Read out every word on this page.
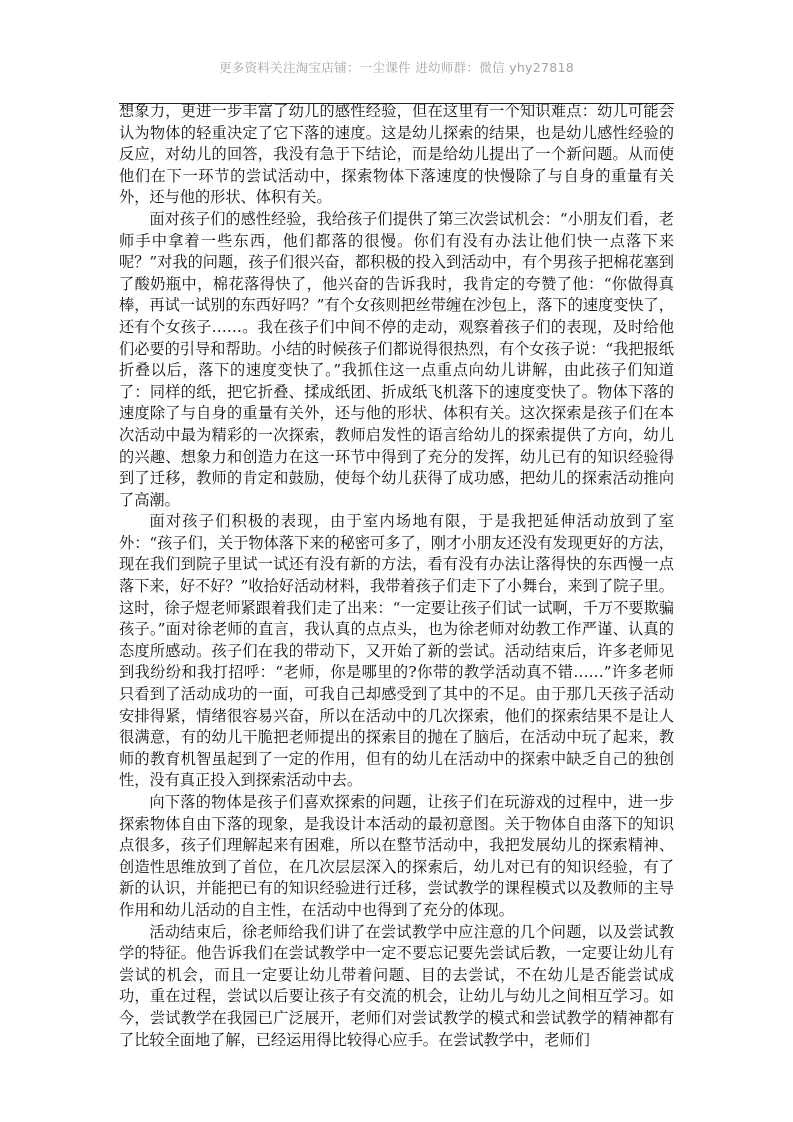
更多资料关注淘宝店铺：一尘课件 进幼师群：微信 yhy27818

想象力，更进一步丰富了幼儿的感性经验，但在这里有一个知识难点：幼儿可能会认为物体的轻重决定了它下落的速度。这是幼儿探索的结果，也是幼儿感性经验的反应，对幼儿的回答，我没有急于下结论，而是给幼儿提出了一个新问题。从而使他们在下一环节的尝试活动中，探索物体下落速度的快慢除了与自身的重量有关外，还与他的形状、体积有关。

面对孩子们的感性经验，我给孩子们提供了第三次尝试机会：“小朋友们看，老师手中拿着一些东西，他们都落的很慢。你们有没有办法让他们快一点落下来呢？”对我的问题，孩子们很兴奋，都积极的投入到活动中，有个男孩子把棉花塞到了酸奶瓶中，棉花落得快了，他兴奋的告诉我时，我肯定的夸赞了他：“你做得真棒，再试一试别的东西好吗？”有个女孩则把丝带缠在沙包上，落下的速度变快了，还有个女孩子……。我在孩子们中间不停的走动，观察着孩子们的表现，及时给他们必要的引导和帮助。小结的时候孩子们都说得很热烈，有个女孩子说：“我把报纸折叠以后，落下的速度变快了。”我抓住这一点重点向幼儿讲解，由此孩子们知道了：同样的纸，把它折叠、揉成纸团、折成纸飞机落下的速度变快了。物体下落的速度除了与自身的重量有关外，还与他的形状、体积有关。这次探索是孩子们在本次活动中最为精彩的一次探索，教师启发性的语言给幼儿的探索提供了方向，幼儿的兴趣、想象力和创造力在这一环节中得到了充分的发挥，幼儿已有的知识经验得到了迁移，教师的肯定和鼓励，使每个幼儿获得了成功感，把幼儿的探索活动推向了高潮。

面对孩子们积极的表现，由于室内场地有限，于是我把延伸活动放到了室外：“孩子们，关于物体落下来的秘密可多了，刚才小朋友还没有发现更好的方法，现在我们到院子里试一试还有没有新的方法，看有没有办法让落得快的东西慢一点落下来，好不好？”收拾好活动材料，我带着孩子们走下了小舞台，来到了院子里。这时，徐子煜老师紧跟着我们走了出来：“一定要让孩子们试一试啊，千万不要欺骗孩子。”面对徐老师的直言，我认真的点点头，也为徐老师对幼教工作严谨、认真的态度所感动。孩子们在我的带动下，又开始了新的尝试。活动结束后，许多老师见到我纷纷和我打招呼：“老师，你是哪里的?你带的教学活动真不错……”许多老师只看到了活动成功的一面，可我自己却感受到了其中的不足。由于那几天孩子活动安排得紧，情绪很容易兴奋，所以在活动中的几次探索，他们的探索结果不是让人很满意，有的幼儿干脆把老师提出的探索目的抛在了脑后，在活动中玩了起来，教师的教育机智虽起到了一定的作用，但有的幼儿在活动中的探索中缺乏自己的独创性，没有真正投入到探索活动中去。

向下落的物体是孩子们喜欢探索的问题，让孩子们在玩游戏的过程中，进一步探索物体自由下落的现象，是我设计本活动的最初意图。关于物体自由落下的知识点很多，孩子们理解起来有困难，所以在整节活动中，我把发展幼儿的探索精神、创造性思维放到了首位，在几次层层深入的探索后，幼儿对已有的知识经验，有了新的认识，并能把已有的知识经验进行迁移，尝试教学的课程模式以及教师的主导作用和幼儿活动的自主性，在活动中也得到了充分的体现。

活动结束后，徐老师给我们讲了在尝试教学中应注意的几个问题，以及尝试教学的特征。他告诉我们在尝试教学中一定不要忘记要先尝试后教，一定要让幼儿有尝试的机会，而且一定要让幼儿带着问题、目的去尝试，不在幼儿是否能尝试成功，重在过程，尝试以后要让孩子有交流的机会，让幼儿与幼儿之间相互学习。如今，尝试教学在我园已广泛展开，老师们对尝试教学的模式和尝试教学的精神都有了比较全面地了解，已经运用得比较得心应手。在尝试教学中，老师们
